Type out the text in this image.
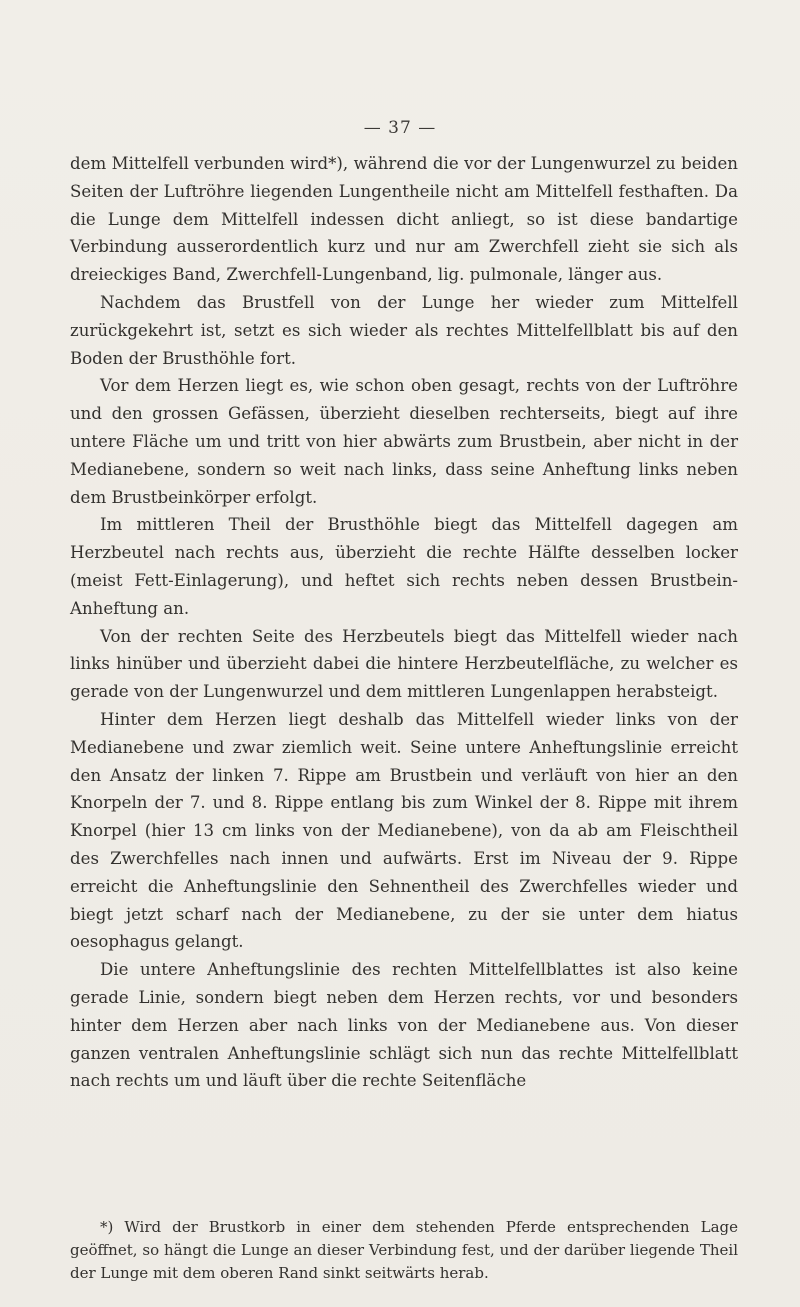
— 37 —

dem Mittelfell verbunden wird*), während die vor der Lungenwurzel zu beiden Seiten der Luftröhre liegenden Lungentheile nicht am Mittelfell festhaften. Da die Lunge dem Mittelfell indessen dicht anliegt, so ist diese bandartige Verbindung ausserordentlich kurz und nur am Zwerchfell zieht sie sich als dreieckiges Band, Zwerchfell-Lungenband, lig. pulmonale, länger aus.

Nachdem das Brustfell von der Lunge her wieder zum Mittelfell zurückgekehrt ist, setzt es sich wieder als rechtes Mittelfellblatt bis auf den Boden der Brusthöhle fort.

Vor dem Herzen liegt es, wie schon oben gesagt, rechts von der Luftröhre und den grossen Gefässen, überzieht dieselben rechterseits, biegt auf ihre untere Fläche um und tritt von hier abwärts zum Brustbein, aber nicht in der Medianebene, sondern so weit nach links, dass seine Anheftung links neben dem Brustbeinkörper erfolgt.

Im mittleren Theil der Brusthöhle biegt das Mittelfell dagegen am Herzbeutel nach rechts aus, überzieht die rechte Hälfte desselben locker (meist Fett-Einlagerung), und heftet sich rechts neben dessen Brustbein-Anheftung an.

Von der rechten Seite des Herzbeutels biegt das Mittelfell wieder nach links hinüber und überzieht dabei die hintere Herzbeutelfläche, zu welcher es gerade von der Lungenwurzel und dem mittleren Lungenlappen herabsteigt.

Hinter dem Herzen liegt deshalb das Mittelfell wieder links von der Medianebene und zwar ziemlich weit. Seine untere Anheftungslinie erreicht den Ansatz der linken 7. Rippe am Brustbein und verläuft von hier an den Knorpeln der 7. und 8. Rippe entlang bis zum Winkel der 8. Rippe mit ihrem Knorpel (hier 13 cm links von der Medianebene), von da ab am Fleischtheil des Zwerchfelles nach innen und aufwärts. Erst im Niveau der 9. Rippe erreicht die Anheftungslinie den Sehnentheil des Zwerchfelles wieder und biegt jetzt scharf nach der Medianebene, zu der sie unter dem hiatus oesophagus gelangt.

Die untere Anheftungslinie des rechten Mittelfellblattes ist also keine gerade Linie, sondern biegt neben dem Herzen rechts, vor und besonders hinter dem Herzen aber nach links von der Medianebene aus. Von dieser ganzen ventralen Anheftungslinie schlägt sich nun das rechte Mittelfellblatt nach rechts um und läuft über die rechte Seitenfläche

*) Wird der Brustkorb in einer dem stehenden Pferde entsprechenden Lage geöffnet, so hängt die Lunge an dieser Verbindung fest, und der darüber liegende Theil der Lunge mit dem oberen Rand sinkt seitwärts herab.
